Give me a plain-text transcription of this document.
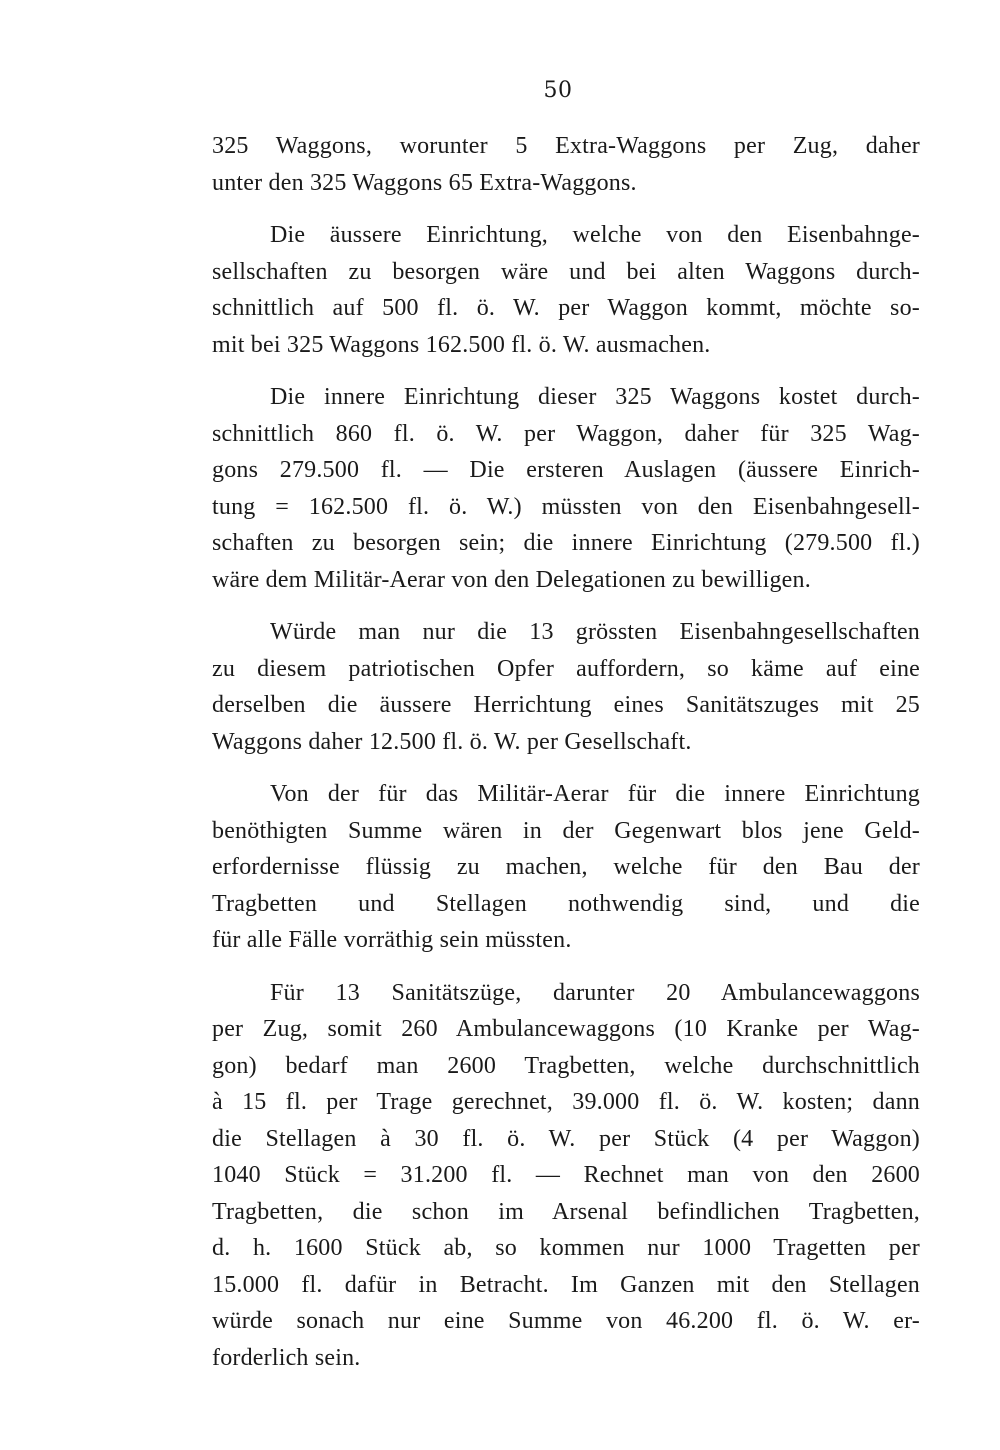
50
325 Waggons, worunter 5 Extra-Waggons per Zug, daher
unter den 325 Waggons 65 Extra-Waggons.
Die äussere Einrichtung, welche von den Eisenbahnge-
sellschaften zu besorgen wäre und bei alten Waggons durch-
schnittlich auf 500 fl. ö. W. per Waggon kommt, möchte so-
mit bei 325 Waggons 162.500 fl. ö. W. ausmachen.
Die innere Einrichtung dieser 325 Waggons kostet durch-
schnittlich 860 fl. ö. W. per Waggon, daher für 325 Wag-
gons 279.500 fl. — Die ersteren Auslagen (äussere Einrich-
tung = 162.500 fl. ö. W.) müssten von den Eisenbahngesell-
schaften zu besorgen sein; die innere Einrichtung (279.500 fl.)
wäre dem Militär-Aerar von den Delegationen zu bewilligen.
Würde man nur die 13 grössten Eisenbahngesellschaften
zu diesem patriotischen Opfer auffordern, so käme auf eine
derselben die äussere Herrichtung eines Sanitätszuges mit 25
Waggons daher 12.500 fl. ö. W. per Gesellschaft.
Von der für das Militär-Aerar für die innere Einrichtung
benöthigten Summe wären in der Gegenwart blos jene Geld-
erfordernisse flüssig zu machen, welche für den Bau der
Tragbetten und Stellagen nothwendig sind, und die
für alle Fälle vorräthig sein müssten.
Für 13 Sanitätszüge, darunter 20 Ambulancewaggons
per Zug, somit 260 Ambulancewaggons (10 Kranke per Wag-
gon) bedarf man 2600 Tragbetten, welche durchschnittlich
à 15 fl. per Trage gerechnet, 39.000 fl. ö. W. kosten; dann
die Stellagen à 30 fl. ö. W. per Stück (4 per Waggon)
1040 Stück = 31.200 fl. — Rechnet man von den 2600
Tragbetten, die schon im Arsenal befindlichen Tragbetten,
d. h. 1600 Stück ab, so kommen nur 1000 Tragetten per
15.000 fl. dafür in Betracht. Im Ganzen mit den Stellagen
würde sonach nur eine Summe von 46.200 fl. ö. W. er-
forderlich sein.
